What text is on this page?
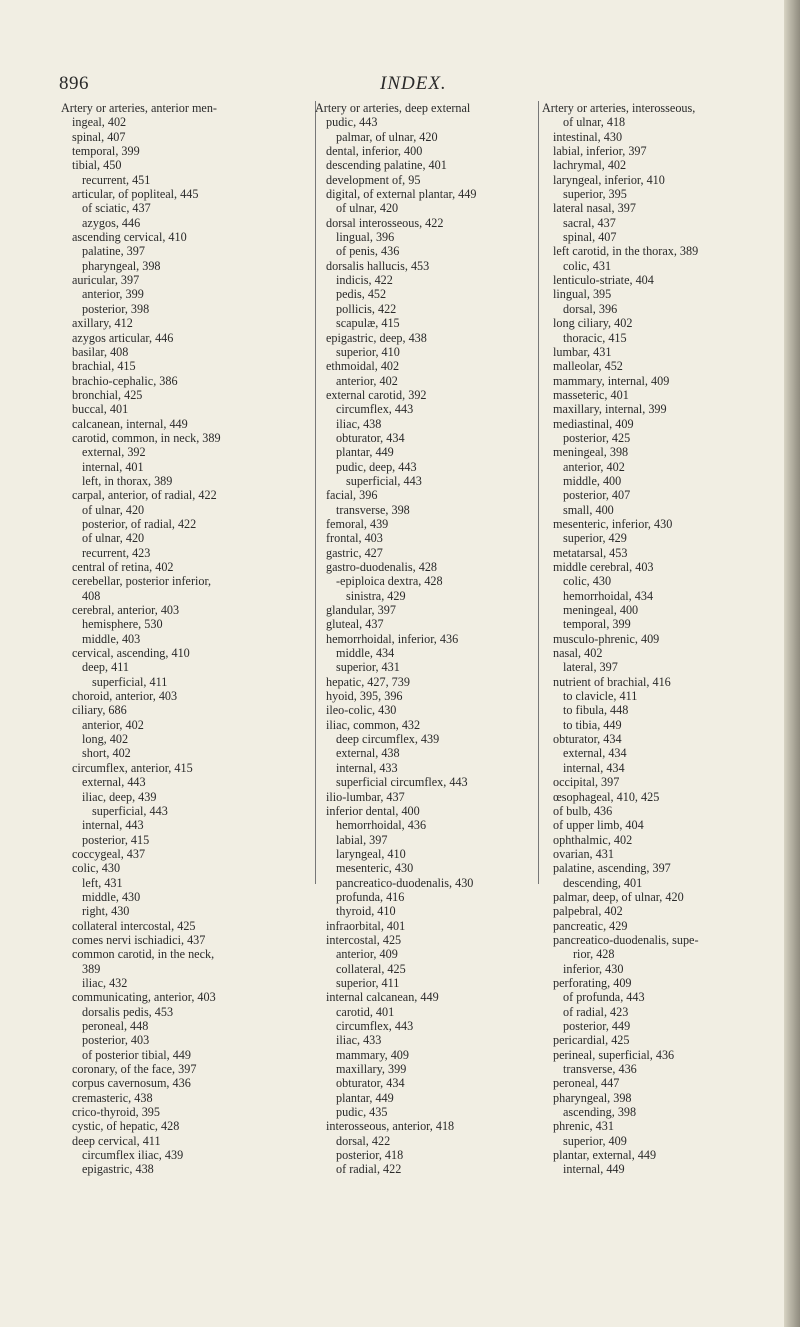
896	INDEX.
Artery or arteries, anterior men-
ingeal, 402
spinal, 407
temporal, 399
tibial, 450
recurrent, 451
articular, of popliteal, 445
of sciatic, 437
azygos, 446
ascending cervical, 410
palatine, 397
pharyngeal, 398
auricular, 397
anterior, 399
posterior, 398
axillary, 412
azygos articular, 446
basilar, 408
brachial, 415
brachio-cephalic, 386
bronchial, 425
buccal, 401
calcanean, internal, 449
carotid, common, in neck, 389
external, 392
internal, 401
left, in thorax, 389
carpal, anterior, of radial, 422
of ulnar, 420
posterior, of radial, 422
of ulnar, 420
recurrent, 423
central of retina, 402
cerebellar, posterior inferior,
408
cerebral, anterior, 403
hemisphere, 530
middle, 403
cervical, ascending, 410
deep, 411
superficial, 411
choroid, anterior, 403
ciliary, 686
anterior, 402
long, 402
short, 402
circumflex, anterior, 415
external, 443
iliac, deep, 439
superficial, 443
internal, 443
posterior, 415
coccygeal, 437
colic, 430
left, 431
middle, 430
right, 430
collateral intercostal, 425
comes nervi ischiadici, 437
common carotid, in the neck,
389
iliac, 432
communicating, anterior, 403
dorsalis pedis, 453
peroneal, 448
posterior, 403
of posterior tibial, 449
coronary, of the face, 397
corpus cavernosum, 436
cremasteric, 438
crico-thyroid, 395
cystic, of hepatic, 428
deep cervical, 411
circumflex iliac, 439
epigastric, 438
Artery or arteries, deep external
pudic, 443
palmar, of ulnar, 420
dental, inferior, 400
descending palatine, 401
development of, 95
digital, of external plantar, 449
of ulnar, 420
dorsal interosseous, 422
lingual, 396
of penis, 436
dorsalis hallucis, 453
indicis, 422
pedis, 452
pollicis, 422
scapulæ, 415
epigastric, deep, 438
superior, 410
ethmoidal, 402
anterior, 402
external carotid, 392
circumflex, 443
iliac, 438
obturator, 434
plantar, 449
pudic, deep, 443
superficial, 443
facial, 396
transverse, 398
femoral, 439
frontal, 403
gastric, 427
gastro-duodenalis, 428
-epiploica dextra, 428
sinistra, 429
glandular, 397
gluteal, 437
hemorrhoidal, inferior, 436
middle, 434
superior, 431
hepatic, 427, 739
hyoid, 395, 396
ileo-colic, 430
iliac, common, 432
deep circumflex, 439
external, 438
internal, 433
superficial circumflex, 443
ilio-lumbar, 437
inferior dental, 400
hemorrhoidal, 436
labial, 397
laryngeal, 410
mesenteric, 430
pancreatico-duodenalis, 430
profunda, 416
thyroid, 410
infraorbital, 401
intercostal, 425
anterior, 409
collateral, 425
superior, 411
internal calcanean, 449
carotid, 401
circumflex, 443
iliac, 433
mammary, 409
maxillary, 399
obturator, 434
plantar, 449
pudic, 435
interosseous, anterior, 418
dorsal, 422
posterior, 418
of radial, 422
Artery or arteries, interosseous,
of ulnar, 418
intestinal, 430
labial, inferior, 397
lachrymal, 402
laryngeal, inferior, 410
superior, 395
lateral nasal, 397
sacral, 437
spinal, 407
left carotid, in the thorax, 389
colic, 431
lenticulo-striate, 404
lingual, 395
dorsal, 396
long ciliary, 402
thoracic, 415
lumbar, 431
malleolar, 452
mammary, internal, 409
masseteric, 401
maxillary, internal, 399
mediastinal, 409
posterior, 425
meningeal, 398
anterior, 402
middle, 400
posterior, 407
small, 400
mesenteric, inferior, 430
superior, 429
metatarsal, 453
middle cerebral, 403
colic, 430
hemorrhoidal, 434
meningeal, 400
temporal, 399
musculo-phrenic, 409
nasal, 402
lateral, 397
nutrient of brachial, 416
to clavicle, 411
to fibula, 448
to tibia, 449
obturator, 434
external, 434
internal, 434
occipital, 397
œsophageal, 410, 425
of bulb, 436
of upper limb, 404
ophthalmic, 402
ovarian, 431
palatine, ascending, 397
descending, 401
palmar, deep, of ulnar, 420
palpebral, 402
pancreatic, 429
pancreatico-duodenalis, supe-
rior, 428
inferior, 430
perforating, 409
of profunda, 443
of radial, 423
posterior, 449
pericardial, 425
perineal, superficial, 436
transverse, 436
peroneal, 447
pharyngeal, 398
ascending, 398
phrenic, 431
superior, 409
plantar, external, 449
internal, 449
